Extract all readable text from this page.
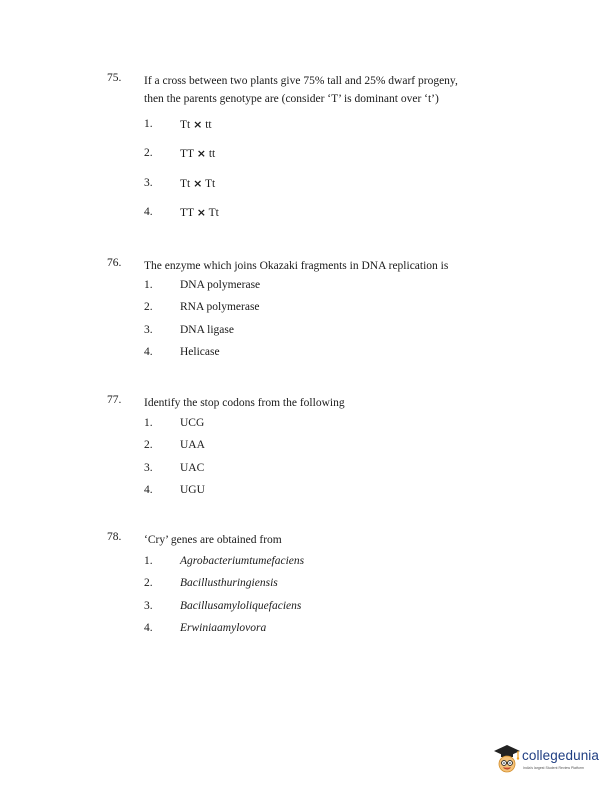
75. If a cross between two plants give 75% tall and 25% dwarf progeny,
then the parents genotype are (consider ‘T’ is dominant over ‘t’)
1. Tt × tt
2. TT × tt
3. Tt × Tt
4. TT × Tt
76. The enzyme which joins Okazaki fragments in DNA replication is
1. DNA polymerase
2. RNA polymerase
3. DNA ligase
4. Helicase
77. Identify the stop codons from the following
1. UCG
2. UAA
3. UAC
4. UGU
78. ‘Cry’ genes are obtained from
1. Agrobacteriumtumefaciens
2. Bacillusthuringiensis
3. Bacillusamyloliquefaciens
4. Erwiniaamylovora
collegedunia
India's largest Student Review Platform
